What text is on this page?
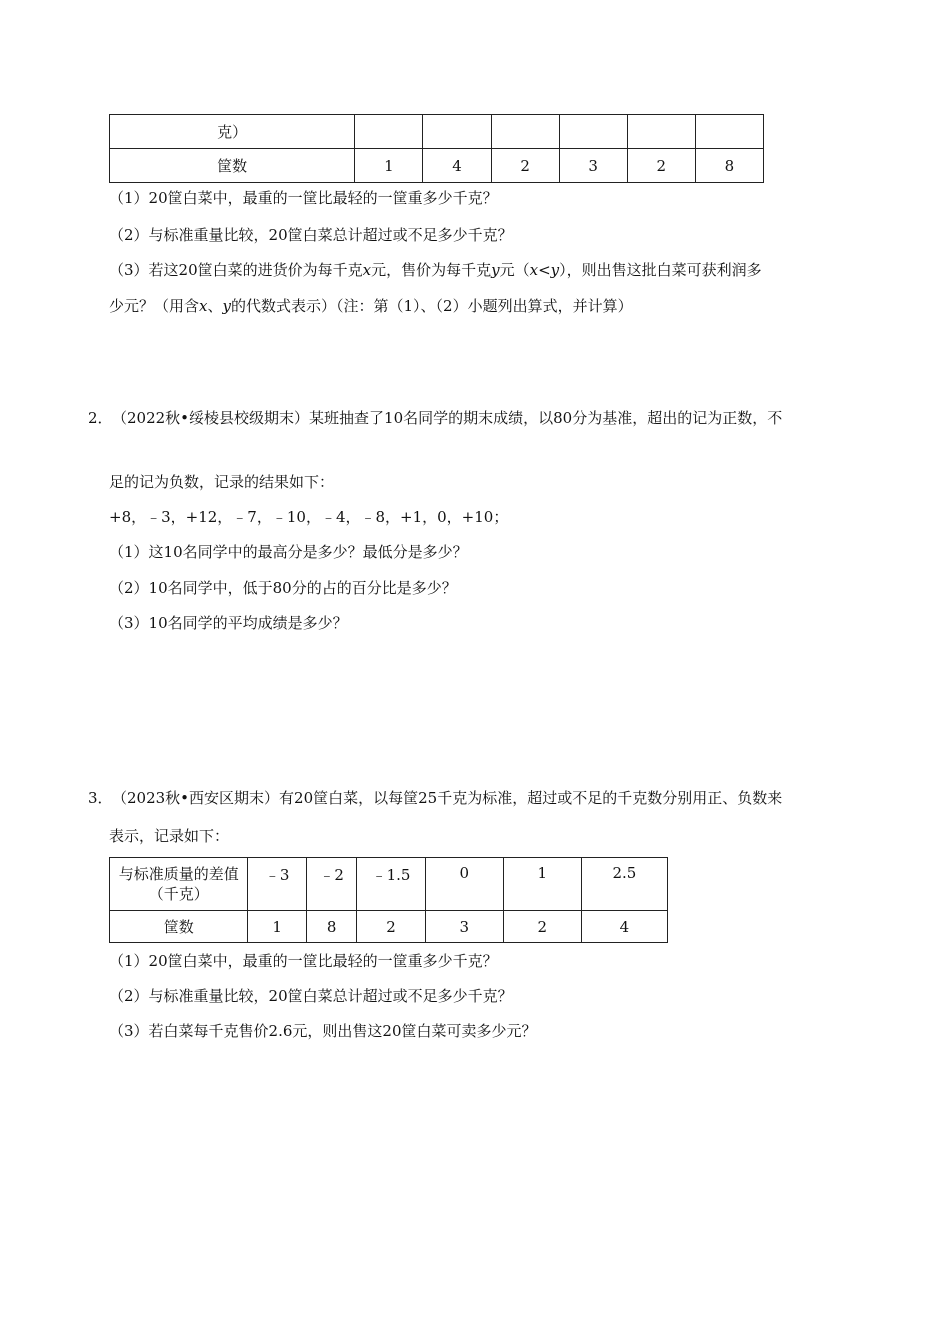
克）						
筐数	1	4	2	3	2	8
（1）20筐白菜中，最重的一筐比最轻的一筐重多少千克？
（2）与标准重量比较，20筐白菜总计超过或不足多少千克？
（3）若这20筐白菜的进货价为每千克x元，售价为每千克y元（x<y），则出售这批白菜可获利润多
少元？（用含x、y的代数式表示）（注：第（1）、（2）小题列出算式，并计算）
2． （2022秋•绥棱县校级期末）某班抽查了10名同学的期末成绩，以80分为基准，超出的记为正数，不
足的记为负数，记录的结果如下：
+8，﹣3，+12，﹣7，﹣10，﹣4，﹣8，+1，0，+10；
（1）这10名同学中的最高分是多少？最低分是多少？
（2）10名同学中，低于80分的占的百分比是多少？
（3）10名同学的平均成绩是多少？
3． （2023秋•西安区期末）有20筐白菜，以每筐25千克为标准，超过或不足的千克数分别用正、负数来
表示，记录如下：
与标准质量的差值
（千克）	﹣3	﹣2	﹣1.5	0	1	2.5
筐数	1	8	2	3	2	4
（1）20筐白菜中，最重的一筐比最轻的一筐重多少千克？
（2）与标准重量比较，20筐白菜总计超过或不足多少千克？
（3）若白菜每千克售价2.6元，则出售这20筐白菜可卖多少元？
